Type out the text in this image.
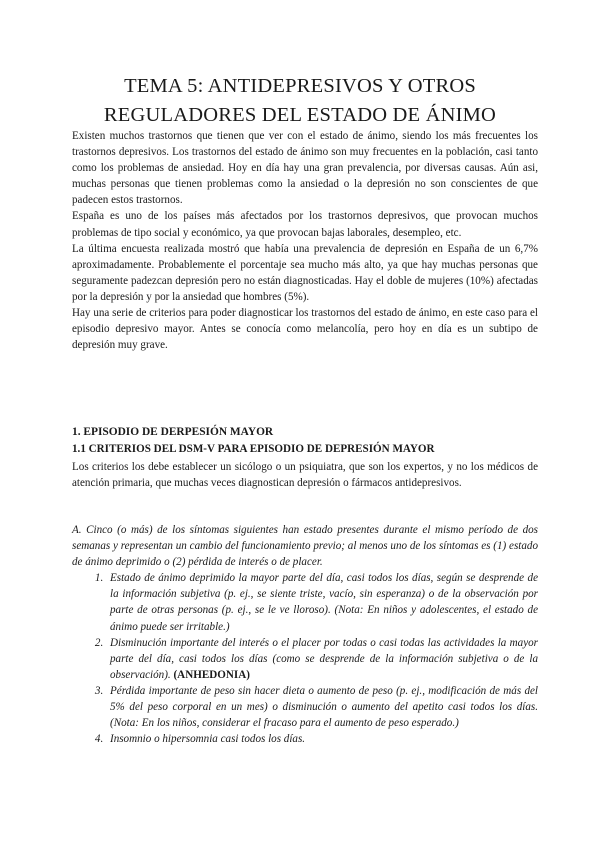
TEMA 5: ANTIDEPRESIVOS Y OTROS
REGULADORES DEL ESTADO DE ÁNIMO

Existen muchos trastornos que tienen que ver con el estado de ánimo, siendo los más frecuentes los trastornos depresivos. Los trastornos del estado de ánimo son muy frecuentes en la población, casi tanto como los problemas de ansiedad. Hoy en día hay una gran prevalencia, por diversas causas. Aún asi, muchas personas que tienen problemas como la ansiedad o la depresión no son conscientes de que padecen estos trastornos.

España es uno de los países más afectados por los trastornos depresivos, que provocan muchos problemas de tipo social y económico, ya que provocan bajas laborales, desempleo, etc.

La última encuesta realizada mostró que había una prevalencia de depresión en España de un 6,7% aproximadamente. Probablemente el porcentaje sea mucho más alto, ya que hay muchas personas que seguramente padezcan depresión pero no están diagnosticadas. Hay el doble de mujeres (10%) afectadas por la depresión y por la ansiedad que hombres (5%).

Hay una serie de criterios para poder diagnosticar los trastornos del estado de ánimo, en este caso para el episodio depresivo mayor. Antes se conocía como melancolía, pero hoy en día es un subtipo de depresión muy grave.

1. EPISODIO DE DERPESIÓN MAYOR
1.1 CRITERIOS DEL DSM-V PARA EPISODIO DE DEPRESIÓN MAYOR

Los criterios los debe establecer un sicólogo o un psiquiatra, que son los expertos, y no los médicos de atención primaria, que muchas veces diagnostican depresión o fármacos antidepresivos.

A. Cinco (o más) de los síntomas siguientes han estado presentes durante el mismo período de dos semanas y representan un cambio del funcionamiento previo; al menos uno de los síntomas es (1) estado de ánimo deprimido o (2) pérdida de interés o de placer.

1. Estado de ánimo deprimido la mayor parte del día, casi todos los días, según se desprende de la información subjetiva (p. ej., se siente triste, vacío, sin esperanza) o de la observación por parte de otras personas (p. ej., se le ve lloroso). (Nota: En niños y adolescentes, el estado de ánimo puede ser irritable.)
2. Disminución importante del interés o el placer por todas o casi todas las actividades la mayor parte del día, casi todos los días (como se desprende de la información subjetiva o de la observación). (ANHEDONIA)
3. Pérdida importante de peso sin hacer dieta o aumento de peso (p. ej., modificación de más del 5% del peso corporal en un mes) o disminución o aumento del apetito casi todos los días. (Nota: En los niños, considerar el fracaso para el aumento de peso esperado.)
4. Insomnio o hipersomnia casi todos los días.
